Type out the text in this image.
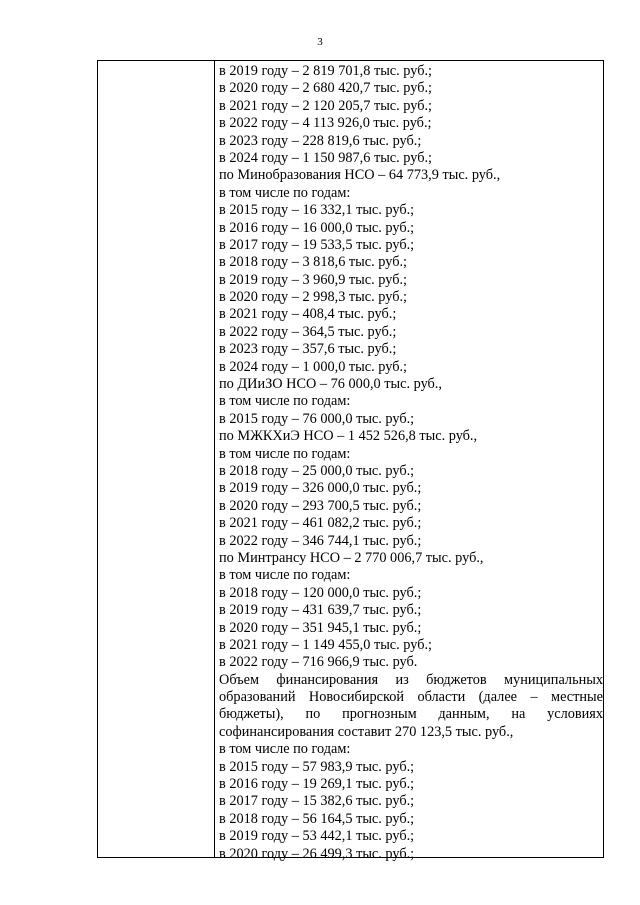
3
в 2019 году – 2 819 701,8 тыс. руб.;
в 2020 году – 2 680 420,7 тыс. руб.;
в 2021 году – 2 120 205,7 тыс. руб.;
в 2022 году – 4 113 926,0 тыс. руб.;
в 2023 году – 228 819,6 тыс. руб.;
в 2024 году – 1 150 987,6 тыс. руб.;
по Минобразования НСО – 64 773,9 тыс. руб.,
в том числе по годам:
в 2015 году – 16 332,1 тыс. руб.;
в 2016 году – 16 000,0 тыс. руб.;
в 2017 году – 19 533,5 тыс. руб.;
в 2018 году – 3 818,6 тыс. руб.;
в 2019 году – 3 960,9 тыс. руб.;
в 2020 году – 2 998,3 тыс. руб.;
в 2021 году – 408,4 тыс. руб.;
в 2022 году – 364,5 тыс. руб.;
в 2023 году – 357,6 тыс. руб.;
в 2024 году – 1 000,0 тыс. руб.;
по ДИиЗО НСО – 76 000,0 тыс. руб.,
в том числе по годам:
в 2015 году – 76 000,0 тыс. руб.;
по МЖКХиЭ НСО – 1 452 526,8 тыс. руб.,
в том числе по годам:
в 2018 году – 25 000,0 тыс. руб.;
в 2019 году – 326 000,0 тыс. руб.;
в 2020 году – 293 700,5 тыс. руб.;
в 2021 году – 461 082,2 тыс. руб.;
в 2022 году – 346 744,1 тыс. руб.;
по Минтрансу НСО – 2 770 006,7 тыс. руб.,
в том числе по годам:
в 2018 году – 120 000,0 тыс. руб.;
в 2019 году – 431 639,7 тыс. руб.;
в 2020 году – 351 945,1 тыс. руб.;
в 2021 году – 1 149 455,0 тыс. руб.;
в 2022 году – 716 966,9 тыс. руб.
Объем финансирования из бюджетов муниципальных образований Новосибирской области (далее – местные бюджеты), по прогнозным данным, на условиях софинансирования составит 270 123,5 тыс. руб.,
в том числе по годам:
в 2015 году – 57 983,9 тыс. руб.;
в 2016 году – 19 269,1 тыс. руб.;
в 2017 году – 15 382,6 тыс. руб.;
в 2018 году – 56 164,5 тыс. руб.;
в 2019 году – 53 442,1 тыс. руб.;
в 2020 году – 26 499,3 тыс. руб.;
